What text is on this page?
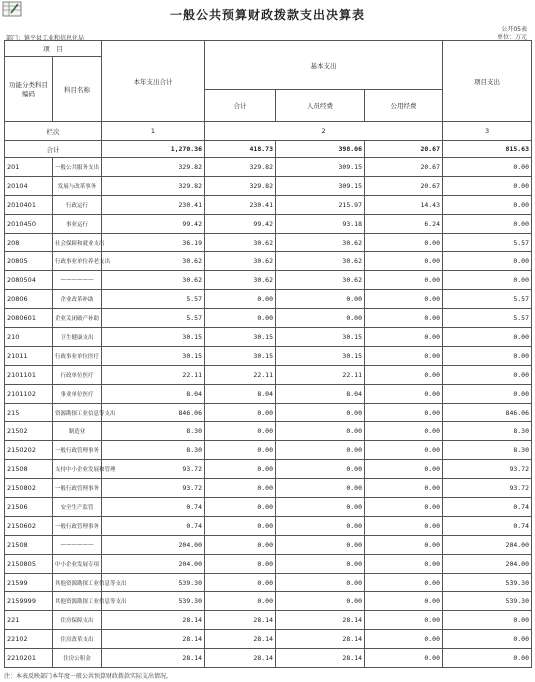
一般公共预算财政拨款支出决算表
公开05表
部门：镇平县工业和信息化局	单位：万元
项　目		本年支出合计	基本支出			项目支出
功能分类科目编码	科目名称					
			合计	人员经费	公用经费	
栏次		1	2			3
合计		1,270.36	418.73	398.06	20.67	815.63
201	一般公共服务支出	329.82	329.82	309.15	20.67	0.00
20104	发展与改革事务	329.82	329.82	309.15	20.67	0.00
2010401	行政运行	230.41	230.41	215.97	14.43	0.00
2010450	事业运行	99.42	99.42	93.18	6.24	0.00
208	社会保障和就业支出	36.19	30.62	30.62	0.00	5.57
20805	行政事业单位养老支出	30.62	30.62	30.62	0.00	0.00
2080504	——————	30.62	30.62	30.62	0.00	0.00
20806	企业改革补助	5.57	0.00	0.00	0.00	5.57
2080601	企业关闭破产补助	5.57	0.00	0.00	0.00	5.57
210	卫生健康支出	30.15	30.15	30.15	0.00	0.00
21011	行政事业单位医疗	30.15	30.15	30.15	0.00	0.00
2101101	行政单位医疗	22.11	22.11	22.11	0.00	0.00
2101102	事业单位医疗	8.04	8.04	8.04	0.00	0.00
215	资源勘探工业信息等支出	846.06	0.00	0.00	0.00	846.06
21502	制造业	8.30	0.00	0.00	0.00	8.30
2150202	一般行政管理事务	8.30	0.00	0.00	0.00	8.30
21508	支持中小企业发展和管理	93.72	0.00	0.00	0.00	93.72
2150802	一般行政管理事务	93.72	0.00	0.00	0.00	93.72
21506	安全生产监管	0.74	0.00	0.00	0.00	0.74
2150602	一般行政管理事务	0.74	0.00	0.00	0.00	0.74
21508	——————	204.00	0.00	0.00	0.00	204.00
2150805	中小企业发展专项	204.00	0.00	0.00	0.00	204.00
21599	其他资源勘探工业信息等支出	539.30	0.00	0.00	0.00	539.30
2159999	其他资源勘探工业信息等支出	539.30	0.00	0.00	0.00	539.30
221	住房保障支出	28.14	28.14	28.14	0.00	0.00
22102	住房改革支出	28.14	28.14	28.14	0.00	0.00
2210201	住房公积金	28.14	28.14	28.14	0.00	0.00
注：本表反映部门本年度一般公共预算财政拨款实际支出情况。
